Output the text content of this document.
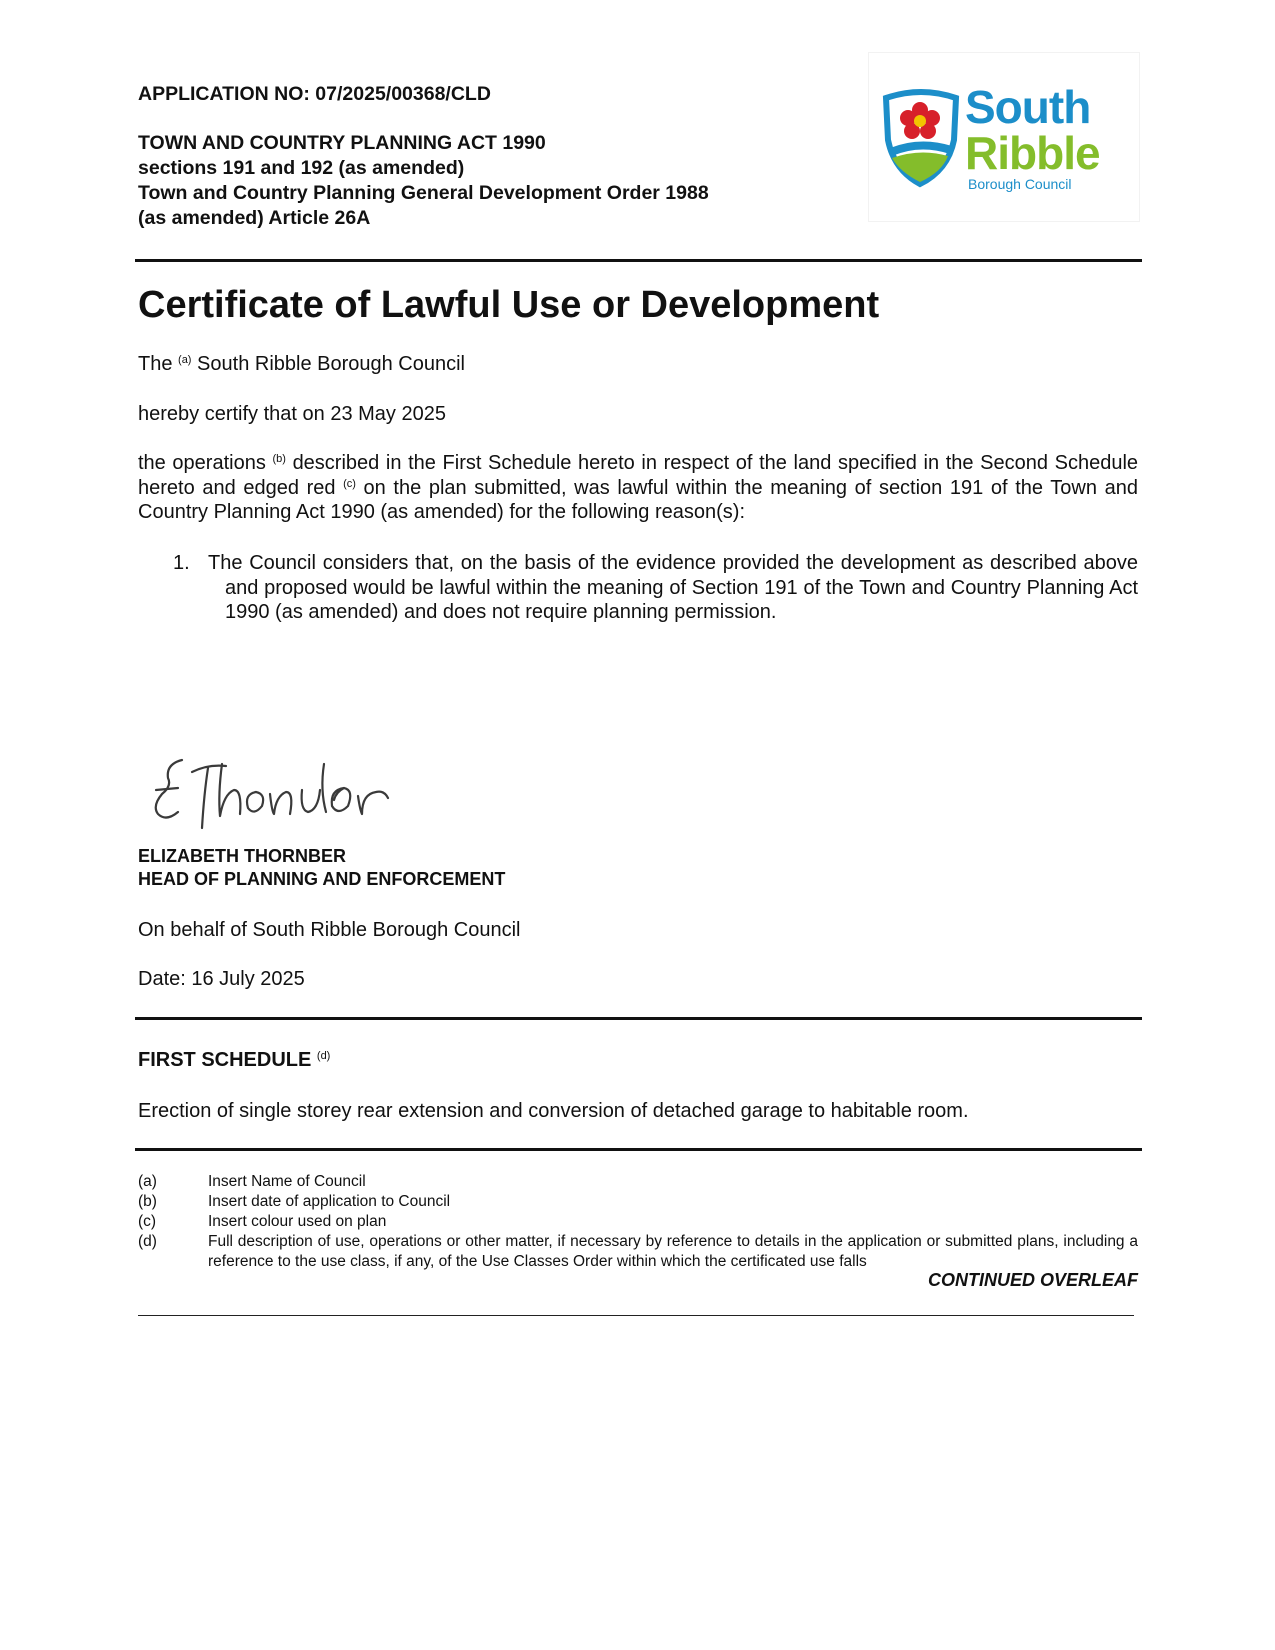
APPLICATION NO: 07/2025/00368/CLD
TOWN AND COUNTRY PLANNING ACT 1990
sections 191 and 192 (as amended)
Town and Country Planning General Development Order 1988
(as amended) Article 26A
South
Ribble
Borough Council
Certificate of Lawful Use or Development
The $^{(a)}$ South Ribble Borough Council
hereby certify that on 23 May 2025
the operations $^{(b)}$ described in the First Schedule hereto in respect of the land specified in the Second Schedule hereto and edged red $^{(c)}$ on the plan submitted, was lawful within the meaning of section 191 of the Town and Country Planning Act 1990 (as amended) for the following reason(s):
1. The Council considers that, on the basis of the evidence provided the development as described above and proposed would be lawful within the meaning of Section 191 of the Town and Country Planning Act 1990 (as amended) and does not require planning permission.
ELIZABETH THORNBER
HEAD OF PLANNING AND ENFORCEMENT
On behalf of South Ribble Borough Council
Date: 16 July 2025
FIRST SCHEDULE $^{(d)}$
Erection of single storey rear extension and conversion of detached garage to habitable room.
(a)	Insert Name of Council
(b)	Insert date of application to Council
(c)	Insert colour used on plan
(d)	Full description of use, operations or other matter, if necessary by reference to details in the application or submitted plans, including a reference to the use class, if any, of the Use Classes Order within which the certificated use falls
CONTINUED OVERLEAF
